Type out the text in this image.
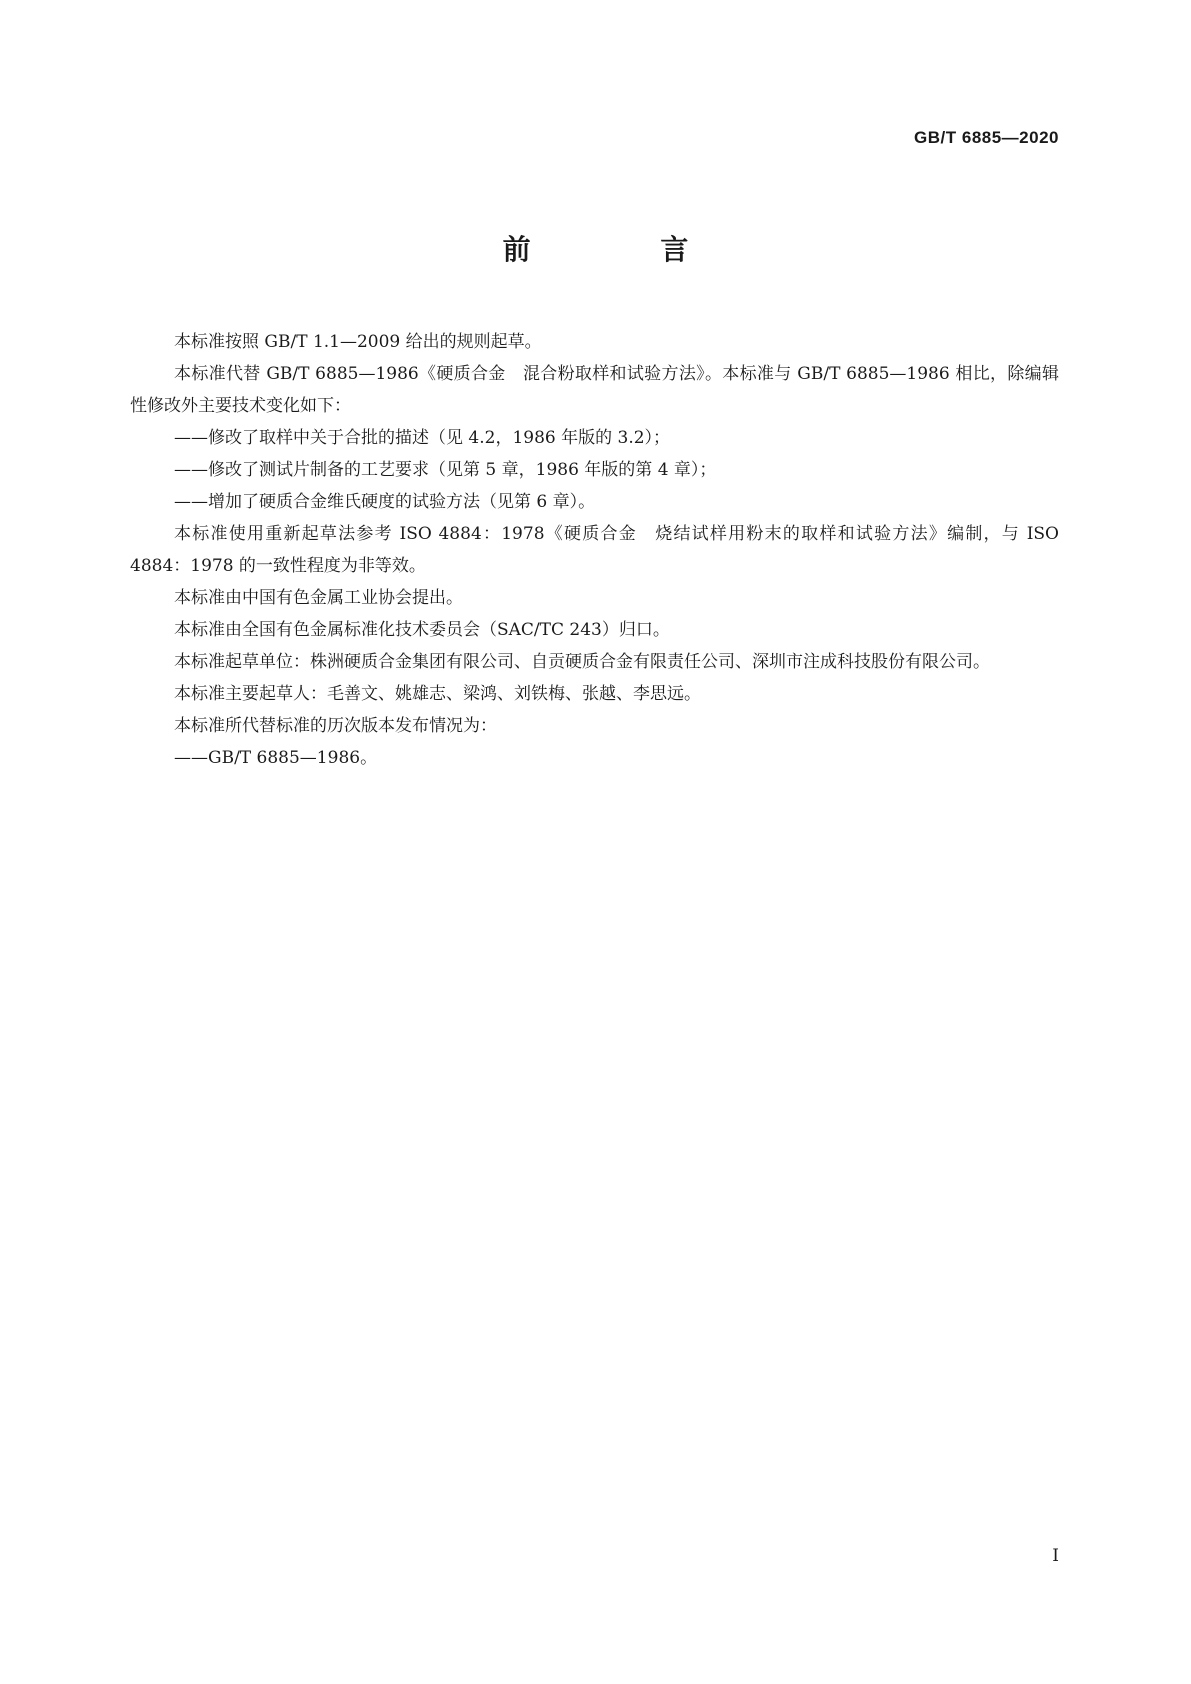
GB/T 6885—2020
前 言

本标准按照 GB/T 1.1—2009 给出的规则起草。

本标准代替 GB/T 6885—1986《硬质合金　混合粉取样和试验方法》。本标准与 GB/T 6885—1986 相比，除编辑性修改外主要技术变化如下：

——修改了取样中关于合批的描述（见 4.2，1986 年版的 3.2）；

——修改了测试片制备的工艺要求（见第 5 章，1986 年版的第 4 章）；

——增加了硬质合金维氏硬度的试验方法（见第 6 章）。

本标准使用重新起草法参考 ISO 4884：1978《硬质合金　烧结试样用粉末的取样和试验方法》编制，与 ISO 4884：1978 的一致性程度为非等效。

本标准由中国有色金属工业协会提出。

本标准由全国有色金属标准化技术委员会（SAC/TC 243）归口。

本标准起草单位：株洲硬质合金集团有限公司、自贡硬质合金有限责任公司、深圳市注成科技股份有限公司。

本标准主要起草人：毛善文、姚雄志、梁鸿、刘铁梅、张越、李思远。

本标准所代替标准的历次版本发布情况为：

——GB/T 6885—1986。

I
